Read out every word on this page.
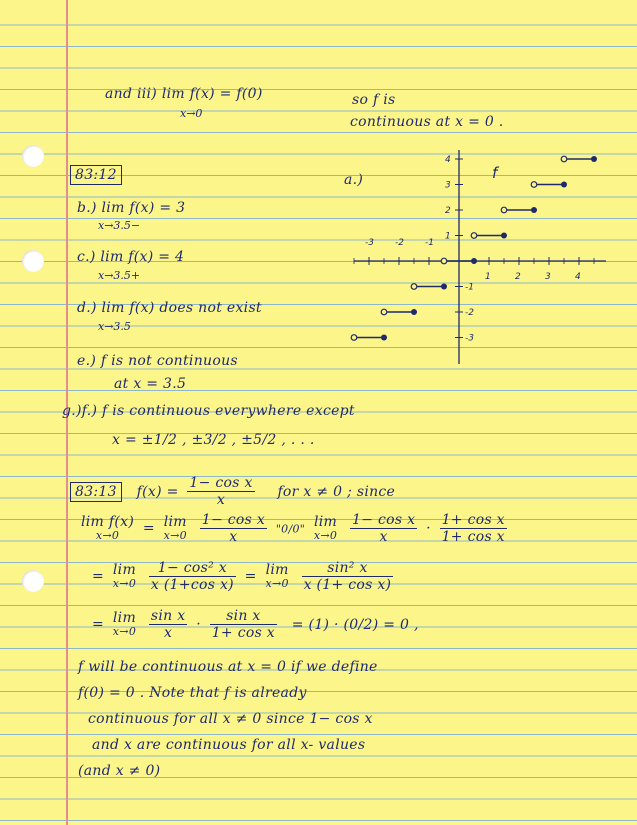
and iii) lim f(x) = f(0)
x→0
so f is
continuous at x = 0 .
83:12
b.) lim f(x) = 3
x→3.5−
c.) lim f(x) = 4
x→3.5+
d.) lim f(x) does not exist
x→3.5
e.) f is not continuous
at x = 3.5
g.)f.) f is continuous everywhere except
x = ±1/2 , ±3/2 , ±5/2 , . . .
a.)
-3 -2 -1
1	2	3	4
4
3
2
1
-1
-2
-3
f
83:13 $f(x) = \frac{\text{1− cos x}}{x}$ for x ≠ 0 ; since
lim f(x)
x→0	= lim
x→0
$\frac{\text{1− cos x}}{x}$ "0/0" lim
x→0
$\frac{\text{1− cos x}}{x} \cdot \frac{\text{1+ cos x}}{\text{1+ cos x}}$
= lim
x→0
$\frac{\text{1− cos² x}}{\text{x (1+cos x)}} = \lim$
x→0
$\frac{\text{sin² x}}{\text{x (1+ cos x)}}$
= lim
x→0
$\frac{\text{sin x}}{x} \cdot \frac{\text{sin x}}{\text{1+ cos x}} = (1) \cdot (0/2) = 0$ ,
f will be continuous at x = 0 if we define
f(0) = 0 . Note that f is already
continuous for all x ≠ 0 since 1− cos x
and x are continuous for all x- values
(and x ≠ 0)
